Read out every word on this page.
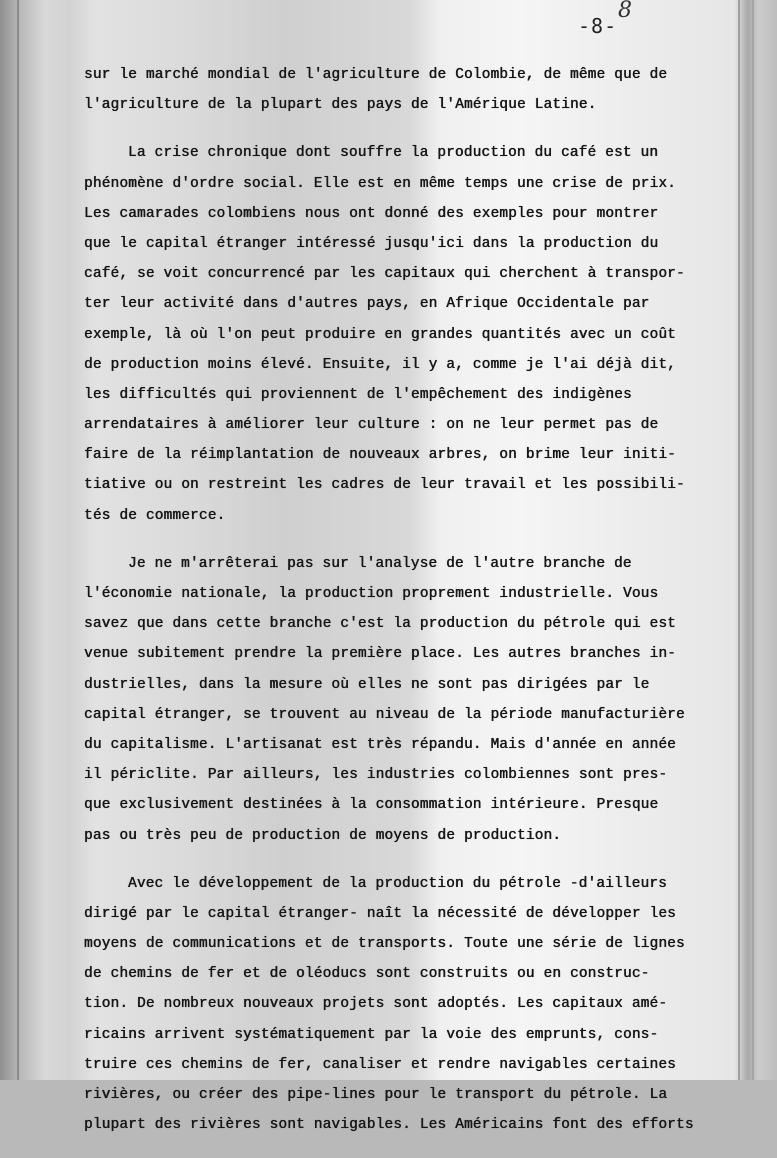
-8-
8
sur le marché mondial de l'agriculture de Colombie, de même que de
l'agriculture de la plupart des pays de l'Amérique Latine.
La crise chronique dont souffre la production du café est un
phénomène d'ordre social. Elle est en même temps une crise de prix.
Les camarades colombiens nous ont donné des exemples pour montrer
que le capital étranger intéressé jusqu'ici dans la production du
café, se voit concurrencé par les capitaux qui cherchent à transpor-
ter leur activité dans d'autres pays, en Afrique Occidentale par
exemple, là où l'on peut produire en grandes quantités avec un coût
de production moins élevé. Ensuite, il y a, comme je l'ai déjà dit,
les difficultés qui proviennent de l'empêchement des indigènes
arrendataires à améliorer leur culture : on ne leur permet pas de
faire de la réimplantation de nouveaux arbres, on brime leur initi-
tiative ou on restreint les cadres de leur travail et les possibili-
tés de commerce.
Je ne m'arrêterai pas sur l'analyse de l'autre branche de
l'économie nationale, la production proprement industrielle. Vous
savez que dans cette branche c'est la production du pétrole qui est
venue subitement prendre la première place. Les autres branches in-
dustrielles, dans la mesure où elles ne sont pas dirigées par le
capital étranger, se trouvent au niveau de la période manufacturière
du capitalisme. L'artisanat est très répandu. Mais d'année en année
il périclite. Par ailleurs, les industries colombiennes sont pres-
que exclusivement destinées à la consommation intérieure. Presque
pas ou très peu de production de moyens de production.
Avec le développement de la production du pétrole -d'ailleurs
dirigé par le capital étranger- naît la nécessité de développer les
moyens de communications et de transports. Toute une série de lignes
de chemins de fer et de oléoducs sont construits ou en construc-
tion. De nombreux nouveaux projets sont adoptés. Les capitaux amé-
ricains arrivent systématiquement par la voie des emprunts, cons-
truire ces chemins de fer, canaliser et rendre navigables certaines
rivières, ou créer des pipe-lines pour le transport du pétrole. La
plupart des rivières sont navigables. Les Américains font des efforts
